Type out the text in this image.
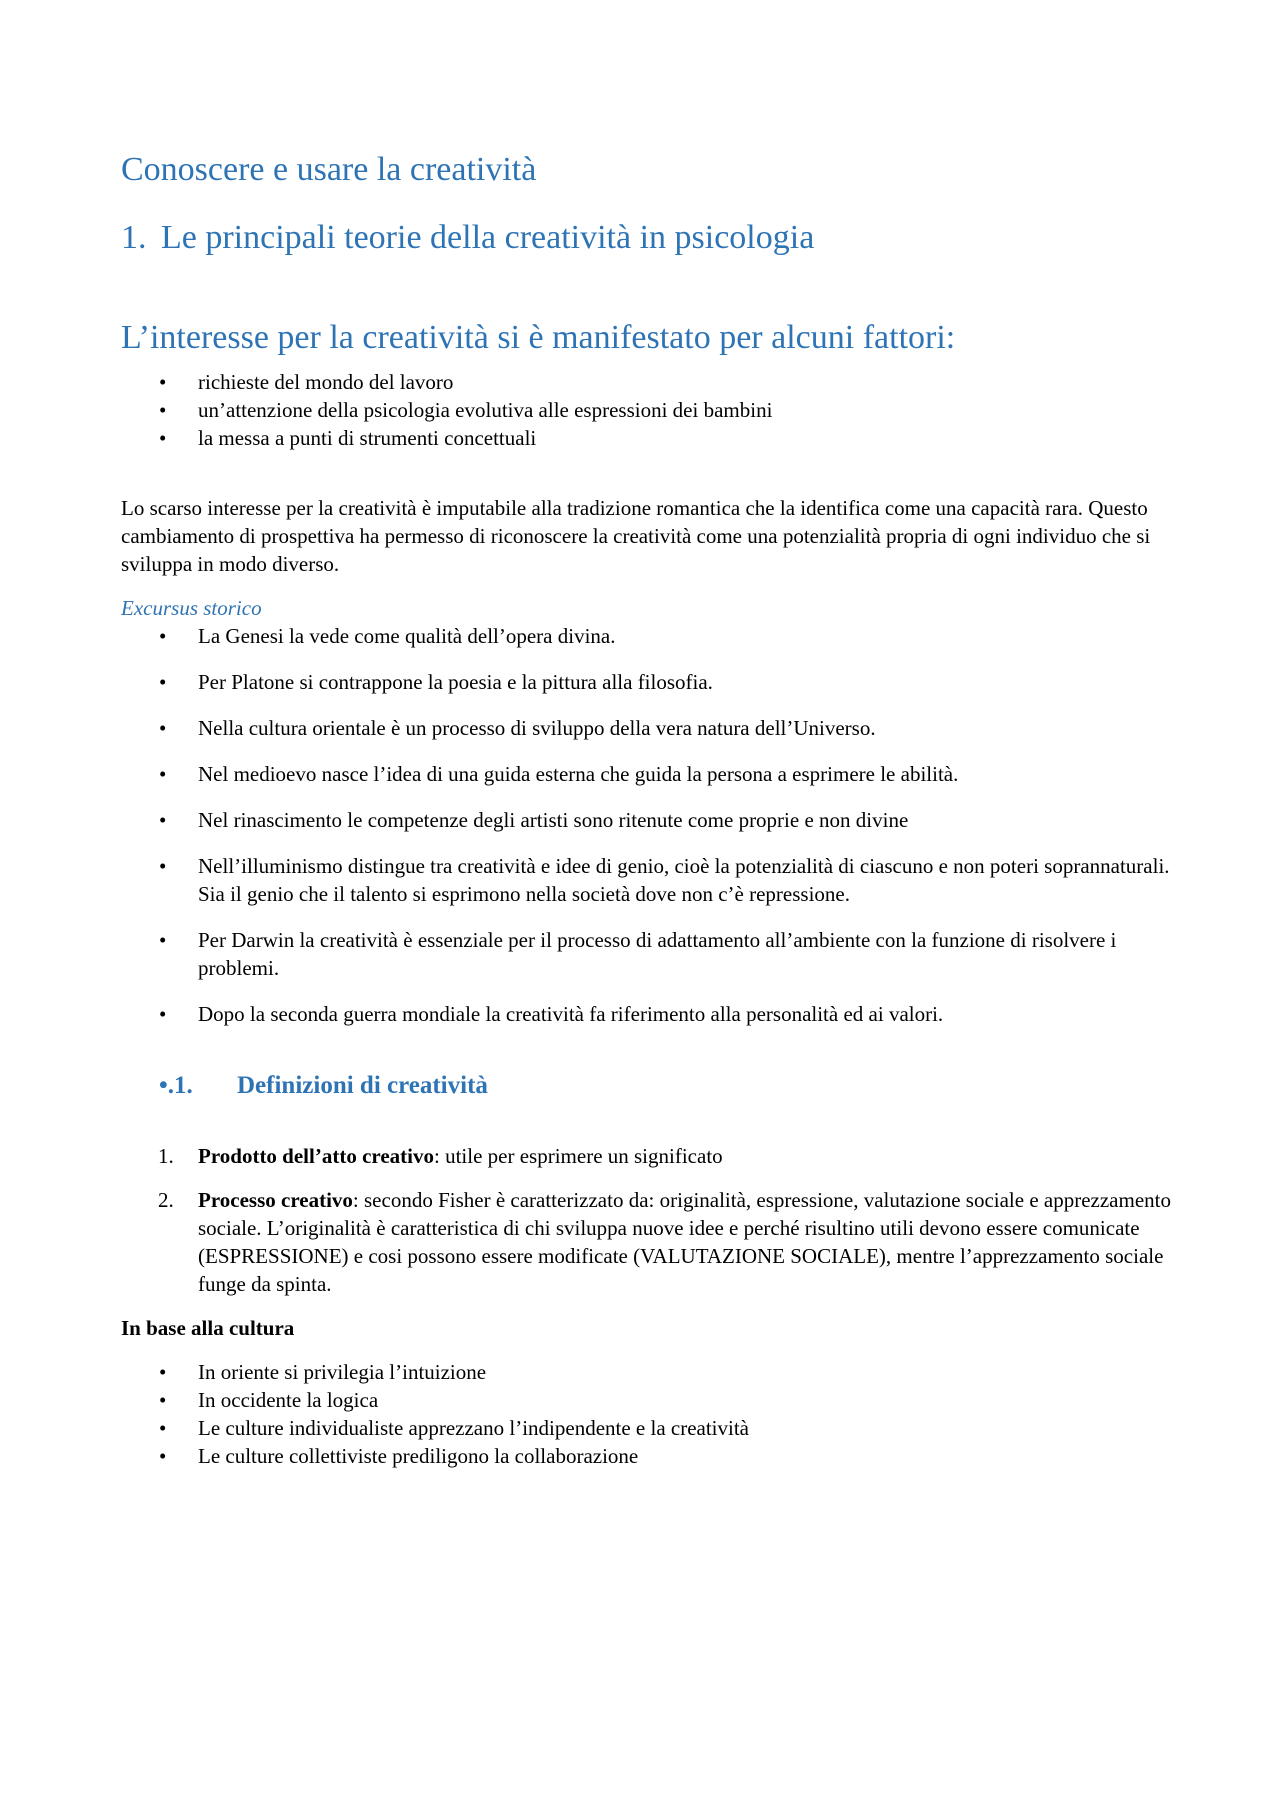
Conoscere e usare la creatività
1. Le principali teorie della creatività in psicologia
L’interesse per la creatività si è manifestato per alcuni fattori:
• richieste del mondo del lavoro
• un’attenzione della psicologia evolutiva alle espressioni dei bambini
• la messa a punti di strumenti concettuali

Lo scarso interesse per la creatività è imputabile alla tradizione romantica che la identifica come una capacità rara. Questo cambiamento di prospettiva ha permesso di riconoscere la creatività come una potenzialità propria di ogni individuo che si sviluppa in modo diverso.

Excursus storico

• La Genesi la vede come qualità dell’opera divina.
• Per Platone si contrappone la poesia e la pittura alla filosofia.
• Nella cultura orientale è un processo di sviluppo della vera natura dell’Universo.
• Nel medioevo nasce l’idea di una guida esterna che guida la persona a esprimere le abilità.
• Nel rinascimento le competenze degli artisti sono ritenute come proprie e non divine
• Nell’illuminismo distingue tra creatività e idee di genio, cioè la potenzialità di ciascuno e non poteri soprannaturali. Sia il genio che il talento si esprimono nella società dove non c’è repressione.
• Per Darwin la creatività è essenziale per il processo di adattamento all’ambiente con la funzione di risolvere i problemi.
• Dopo la seconda guerra mondiale la creatività fa riferimento alla personalità ed ai valori.
•.1. Definizioni di creatività
1. Prodotto dell’atto creativo: utile per esprimere un significato
2. Processo creativo: secondo Fisher è caratterizzato da: originalità, espressione, valutazione sociale e apprezzamento sociale. L’originalità è caratteristica di chi sviluppa nuove idee e perché risultino utili devono essere comunicate (ESPRESSIONE) e cosi possono essere modificate (VALUTAZIONE SOCIALE), mentre l’apprezzamento sociale funge da spinta.

In base alla cultura

• In oriente si privilegia l’intuizione
• In occidente la logica
• Le culture individualiste apprezzano l’indipendente e la creatività
• Le culture collettiviste prediligono la collaborazione
